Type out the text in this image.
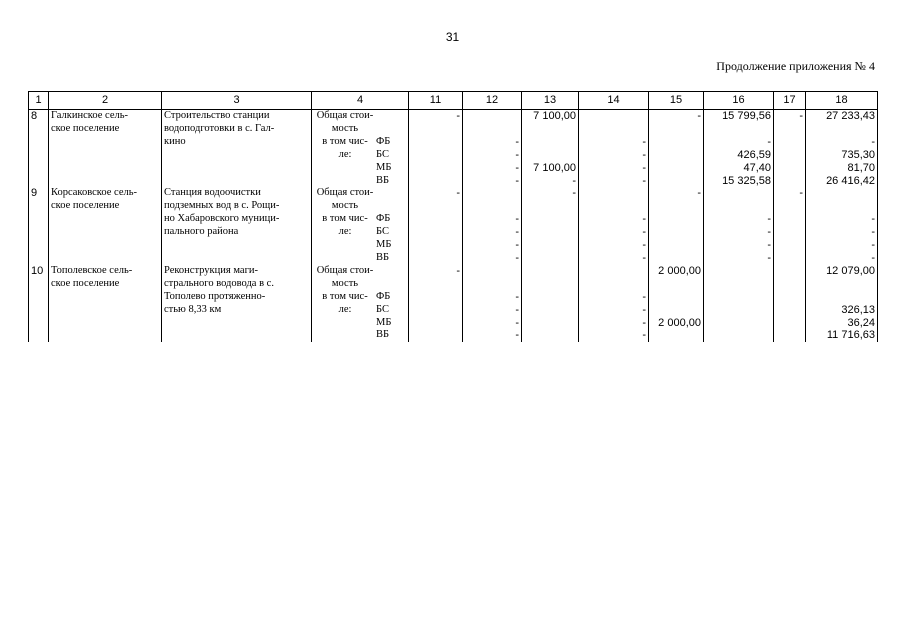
31
Продолжение приложения № 4
1	2	3	4	11	12	13	14	15	16	17	18
8	Галкинское сель-	Строительство станции	Общая стои-	-		7 100,00		-	15 799,56	-	27 233,43
	ское поселение	водоподготовки в с. Гал-	мость								

		кино	в том чис- ФБ		-		-		-		-

			ле: БС		-		-		426,59		735,30

			МБ		-	7 100,00	-		47,40		81,70

			ВБ		-	-	-		15 325,58		26 416,42
9	Корсаковское сель-	Станция водоочистки	Общая стои-	-		-		-		-	
	ское поселение	подземных вод в с. Рощи-	мость								

		но Хабаровского муници-	в том чис- ФБ		-		-		-		-
		пального района	ле: БС		-		-		-		-

			МБ		-		-		-		-

			ВБ		-		-		-		-
10	Тополевское сель-	Реконструкция маги-	Общая стои-	-				2 000,00			12 079,00
	ское поселение	стрального водовода в с.	мость								

		Тополево протяженно-	в том чис- ФБ		-		-				
		стью 8,33 км	ле: БС		-		-				326,13

			МБ		-		-	2 000,00			36,24

			ВБ		-		-				11 716,63
